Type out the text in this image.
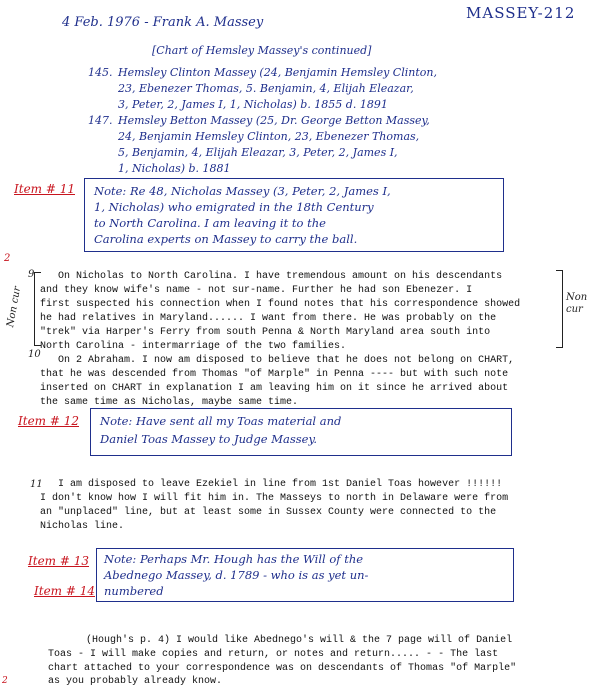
MASSEY-212
4 Feb. 1976 - Frank A. Massey
[Chart of Hemsley Massey's continued]
145. Hemsley Clinton Massey (24, Benjamin Hemsley Clinton,
23, Ebenezer Thomas, 5. Benjamin, 4, Elijah Eleazar,
3, Peter, 2, James I, 1, Nicholas) b. 1855 d. 1891
147. Hemsley Betton Massey (25, Dr. George Betton Massey,
24, Benjamin Hemsley Clinton, 23, Ebenezer Thomas,
5, Benjamin, 4, Elijah Eleazar, 3, Peter, 2, James I,
1, Nicholas) b. 1881
Item # 11 Note: Re 48, Nicholas Massey (3, Peter, 2, James I,
1, Nicholas) who emigrated in the 18th Century
to North Carolina. I am leaving it to the
Carolina experts on Massey to carry the ball.
2
9
10
Non cur	Non cur
On Nicholas to North Carolina. I have tremendous amount on his descendants
and they know wife's name - not sur-name. Further he had son Ebenezer. I
first suspected his connection when I found notes that his correspondence showed
he had relatives in Maryland...... I want from there. He was probably on the
"trek" via Harper's Ferry from south Penna & North Maryland area south into
North Carolina - intermarriage of the two families.
On 2 Abraham. I now am disposed to believe that he does not belong on CHART,
that he was descended from Thomas "of Marple" in Penna ---- but with such note
inserted on CHART in explanation I am leaving him on it since he arrived about
the same time as Nicholas, maybe same time.
Item # 12 Note: Have sent all my Toas material and
Daniel Toas Massey to Judge Massey.
11 I am disposed to leave Ezekiel in line from 1st Daniel Toas however !!!!!!
I don't know how I will fit him in. The Masseys to north in Delaware were from
an "unplaced" line, but at least some in Sussex County were connected to the
Nicholas line.
Item # 13
Item # 14
Note: Perhaps Mr. Hough has the Will of the
Abednego Massey, d. 1789 - who is as yet un-
numbered
(Hough's p. 4) I would like Abednego's will & the 7 page will of Daniel
Toas - I will make copies and return, or notes and return..... - - The last
chart attached to your correspondence was on descendants of Thomas "of Marple"
as you probably already know.
2
